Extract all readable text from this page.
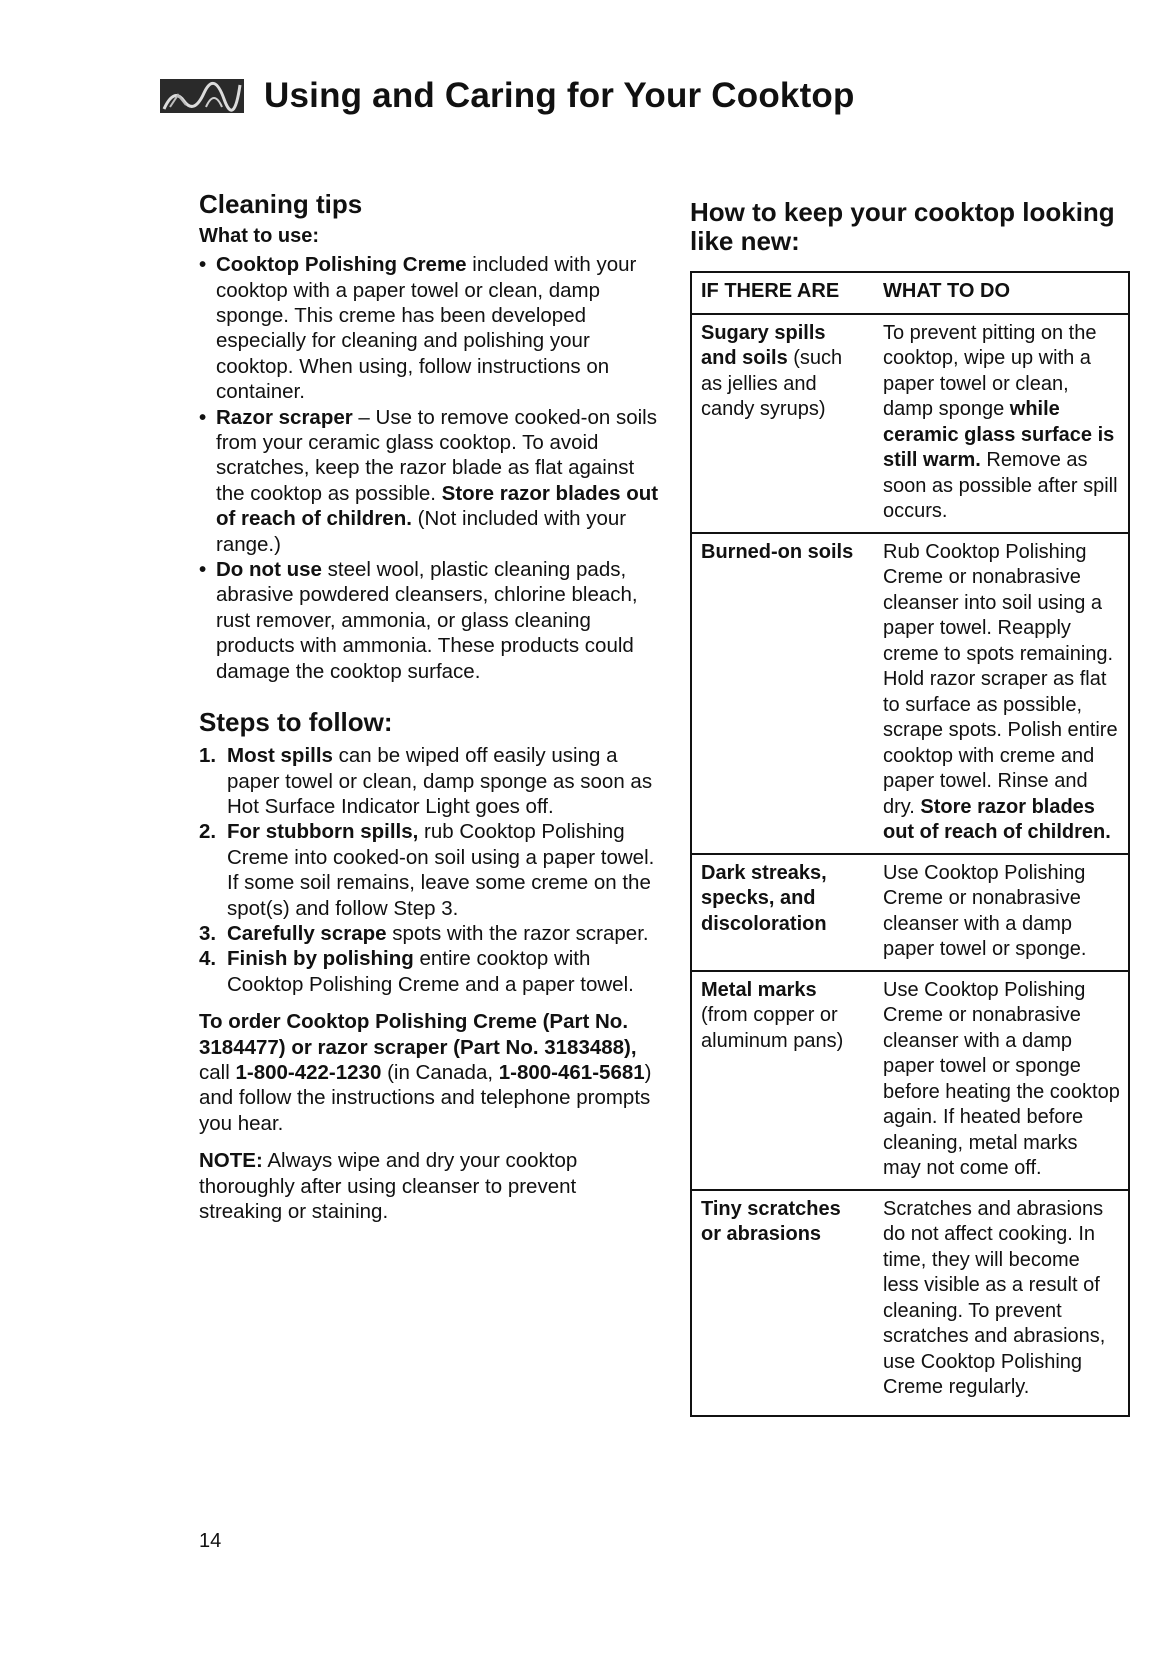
Using and Caring for Your Cooktop
Cleaning tips
What to use:
• Cooktop Polishing Creme included with your cooktop with a paper towel or clean, damp sponge. This creme has been developed especially for cleaning and polishing your cooktop. When using, follow instructions on container.
• Razor scraper – Use to remove cooked-on soils from your ceramic glass cooktop. To avoid scratches, keep the razor blade as flat against the cooktop as possible. Store razor blades out of reach of children. (Not included with your range.)
• Do not use steel wool, plastic cleaning pads, abrasive powdered cleansers, chlorine bleach, rust remover, ammonia, or glass cleaning products with ammonia. These products could damage the cooktop surface.
Steps to follow:
1. Most spills can be wiped off easily using a paper towel or clean, damp sponge as soon as Hot Surface Indicator Light goes off.
2. For stubborn spills, rub Cooktop Polishing Creme into cooked-on soil using a paper towel. If some soil remains, leave some creme on the spot(s) and follow Step 3.
3. Carefully scrape spots with the razor scraper.
4. Finish by polishing entire cooktop with Cooktop Polishing Creme and a paper towel.

To order Cooktop Polishing Creme (Part No. 3184477) or razor scraper (Part No. 3183488), call 1-800-422-1230 (in Canada, 1-800-461-5681) and follow the instructions and telephone prompts you hear.

NOTE: Always wipe and dry your cooktop thoroughly after using cleanser to prevent streaking or staining.

How to keep your cooktop looking like new:
IF THERE ARE	WHAT TO DO
Sugary spills and soils (such as jellies and candy syrups)	To prevent pitting on the cooktop, wipe up with a paper towel or clean, damp sponge while ceramic glass surface is still warm. Remove as soon as possible after spill occurs.
Burned-on soils	Rub Cooktop Polishing Creme or nonabrasive cleanser into soil using a paper towel. Reapply creme to spots remaining. Hold razor scraper as flat to surface as possible, scrape spots. Polish entire cooktop with creme and paper towel. Rinse and dry. Store razor blades out of reach of children.
Dark streaks, specks, and discoloration	Use Cooktop Polishing Creme or nonabrasive cleanser with a damp paper towel or sponge.
Metal marks (from copper or aluminum pans)	Use Cooktop Polishing Creme or nonabrasive cleanser with a damp paper towel or sponge before heating the cooktop again. If heated before cleaning, metal marks may not come off.
Tiny scratches or abrasions	Scratches and abrasions do not affect cooking. In time, they will become less visible as a result of cleaning. To prevent scratches and abrasions, use Cooktop Polishing Creme regularly.
14
